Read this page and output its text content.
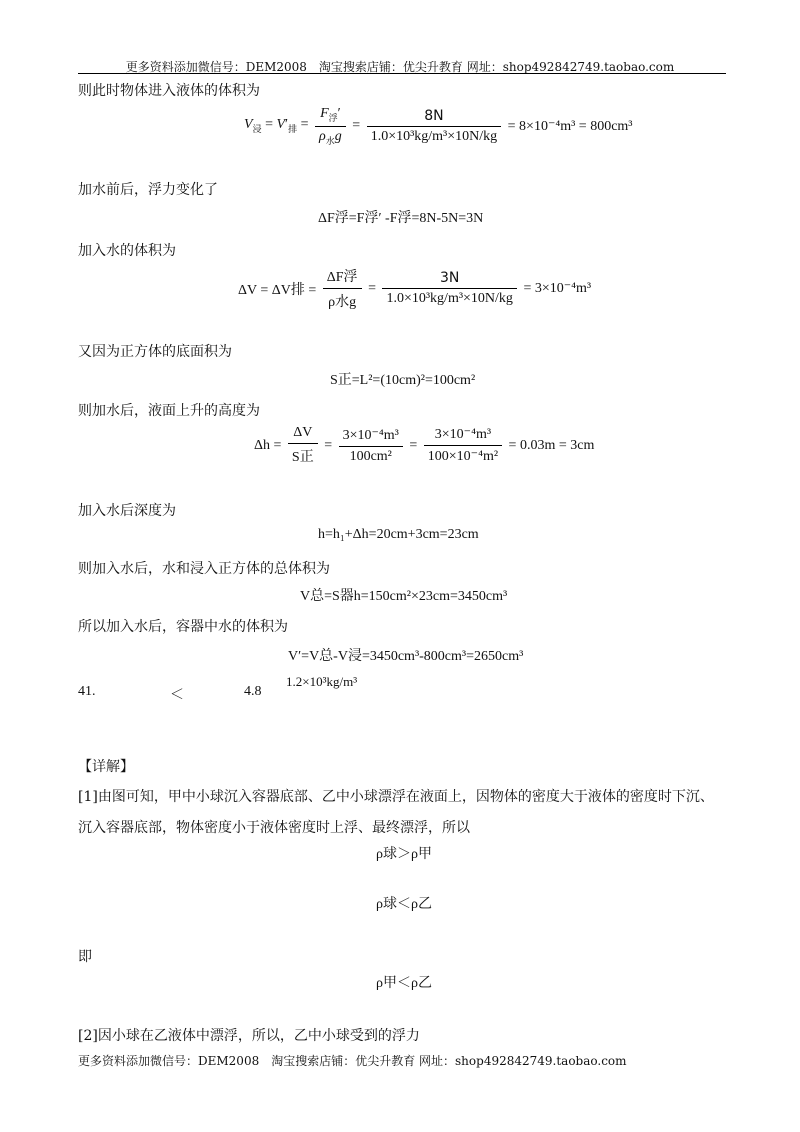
更多资料添加微信号：DEM2008　淘宝搜索店铺：优尖升教育 网址：shop492842749.taobao.com
则此时物体进入液体的体积为
$V_浸 = V'_排 = \frac{F_浮'}{\rho_水g} = \frac{8N}{\text{1.0×10³kg/m³×10N/kg}} = 8\times 10^{-4}m^3 = 800cm^3$
加水前后，浮力变化了
ΔF浮=F浮′ -F浮=8N-5N=3N
加入水的体积为
ΔV = ΔV排 = $\frac{\text{ΔF浮}}{\text{ρ水g}} = \frac{3N}{\text{1.0×10³kg/m³×10N/kg}} = 3\times 10^{-4}m^3$
又因为正方体的底面积为
S正=L²=(10cm)²=100cm²
则加水后，液面上升的高度为
$\Delta h = \frac{\Delta V}{\text{S正}} = \frac{\text{3×10⁻⁴m³}}{\text{100cm²}} = \frac{\text{3×10⁻⁴m³}}{\text{100×10⁻⁴m²}} = 0.03m = 3cm$
加入水后深度为
h=h₁+Δh=20cm+3cm=23cm
则加入水后，水和浸入正方体的总体积为
V总=S器h=150cm²×23cm=3450cm³
所以加入水后，容器中水的体积为
V′=V总-V浸=3450cm³-800cm³=2650cm³
41.	＜	4.8
1.2×10³kg/m³
【详解】
[1]由图可知，甲中小球沉入容器底部、乙中小球漂浮在液面上，因物体的密度大于液体的密度时下沉、
沉入容器底部，物体密度小于液体密度时上浮、最终漂浮，所以
ρ球＞ρ甲
ρ球＜ρ乙
即
ρ甲＜ρ乙
[2]因小球在乙液体中漂浮，所以，乙中小球受到的浮力
更多资料添加微信号：DEM2008　淘宝搜索店铺：优尖升教育 网址：shop492842749.taobao.com
